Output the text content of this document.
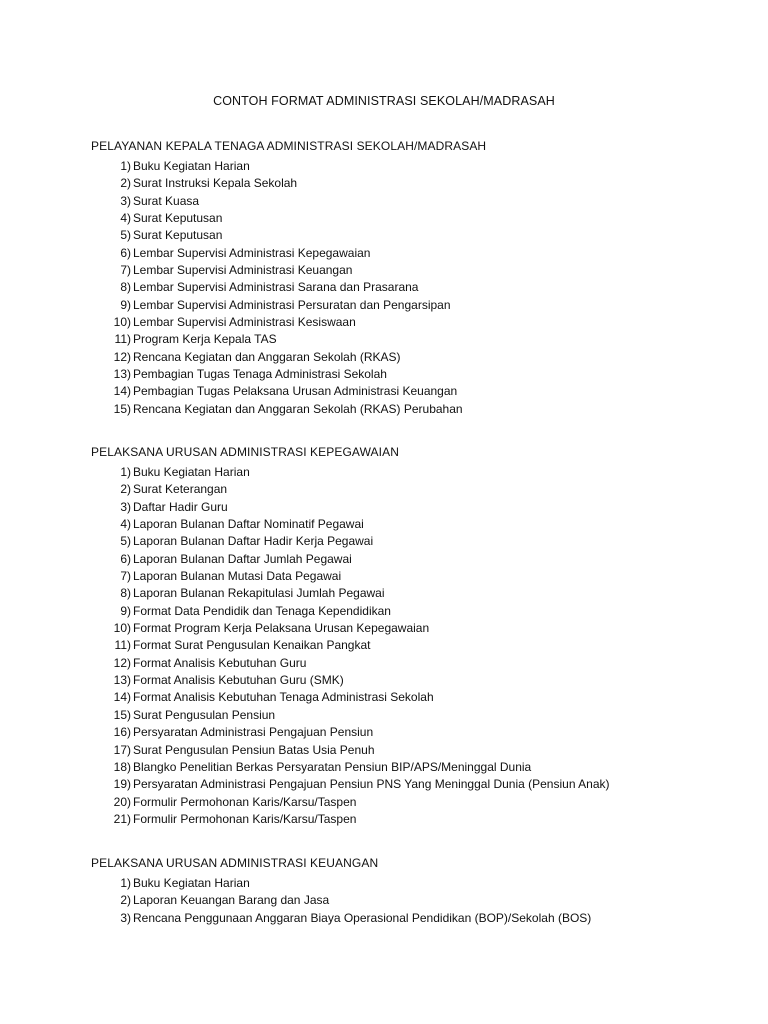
CONTOH FORMAT ADMINISTRASI SEKOLAH/MADRASAH
PELAYANAN KEPALA TENAGA ADMINISTRASI SEKOLAH/MADRASAH
1) Buku Kegiatan Harian
2) Surat Instruksi Kepala Sekolah
3) Surat Kuasa
4) Surat Keputusan
5) Surat Keputusan
6) Lembar Supervisi Administrasi Kepegawaian
7) Lembar Supervisi Administrasi Keuangan
8) Lembar Supervisi Administrasi Sarana dan Prasarana
9) Lembar Supervisi Administrasi Persuratan dan Pengarsipan
10) Lembar Supervisi Administrasi Kesiswaan
11) Program Kerja Kepala TAS
12) Rencana Kegiatan dan Anggaran Sekolah (RKAS)
13) Pembagian Tugas Tenaga Administrasi Sekolah
14) Pembagian Tugas Pelaksana Urusan Administrasi Keuangan
15) Rencana Kegiatan dan Anggaran Sekolah (RKAS) Perubahan
PELAKSANA URUSAN ADMINISTRASI KEPEGAWAIAN
1) Buku Kegiatan Harian
2) Surat Keterangan
3) Daftar Hadir Guru
4) Laporan Bulanan Daftar Nominatif Pegawai
5) Laporan Bulanan Daftar Hadir Kerja Pegawai
6) Laporan Bulanan Daftar Jumlah Pegawai
7) Laporan Bulanan Mutasi Data Pegawai
8) Laporan Bulanan Rekapitulasi Jumlah Pegawai
9) Format Data Pendidik dan Tenaga Kependidikan
10) Format Program Kerja Pelaksana Urusan Kepegawaian
11) Format Surat Pengusulan Kenaikan Pangkat
12) Format Analisis Kebutuhan Guru
13) Format Analisis Kebutuhan Guru (SMK)
14) Format Analisis Kebutuhan Tenaga Administrasi Sekolah
15) Surat Pengusulan Pensiun
16) Persyaratan Administrasi Pengajuan Pensiun
17) Surat Pengusulan Pensiun Batas Usia Penuh
18) Blangko Penelitian Berkas Persyaratan Pensiun BIP/APS/Meninggal Dunia
19) Persyaratan Administrasi Pengajuan Pensiun PNS Yang Meninggal Dunia (Pensiun Anak)
20) Formulir Permohonan Karis/Karsu/Taspen
21) Formulir Permohonan Karis/Karsu/Taspen
PELAKSANA URUSAN ADMINISTRASI KEUANGAN
1) Buku Kegiatan Harian
2) Laporan Keuangan Barang dan Jasa
3) Rencana Penggunaan Anggaran Biaya Operasional Pendidikan (BOP)/Sekolah (BOS)
